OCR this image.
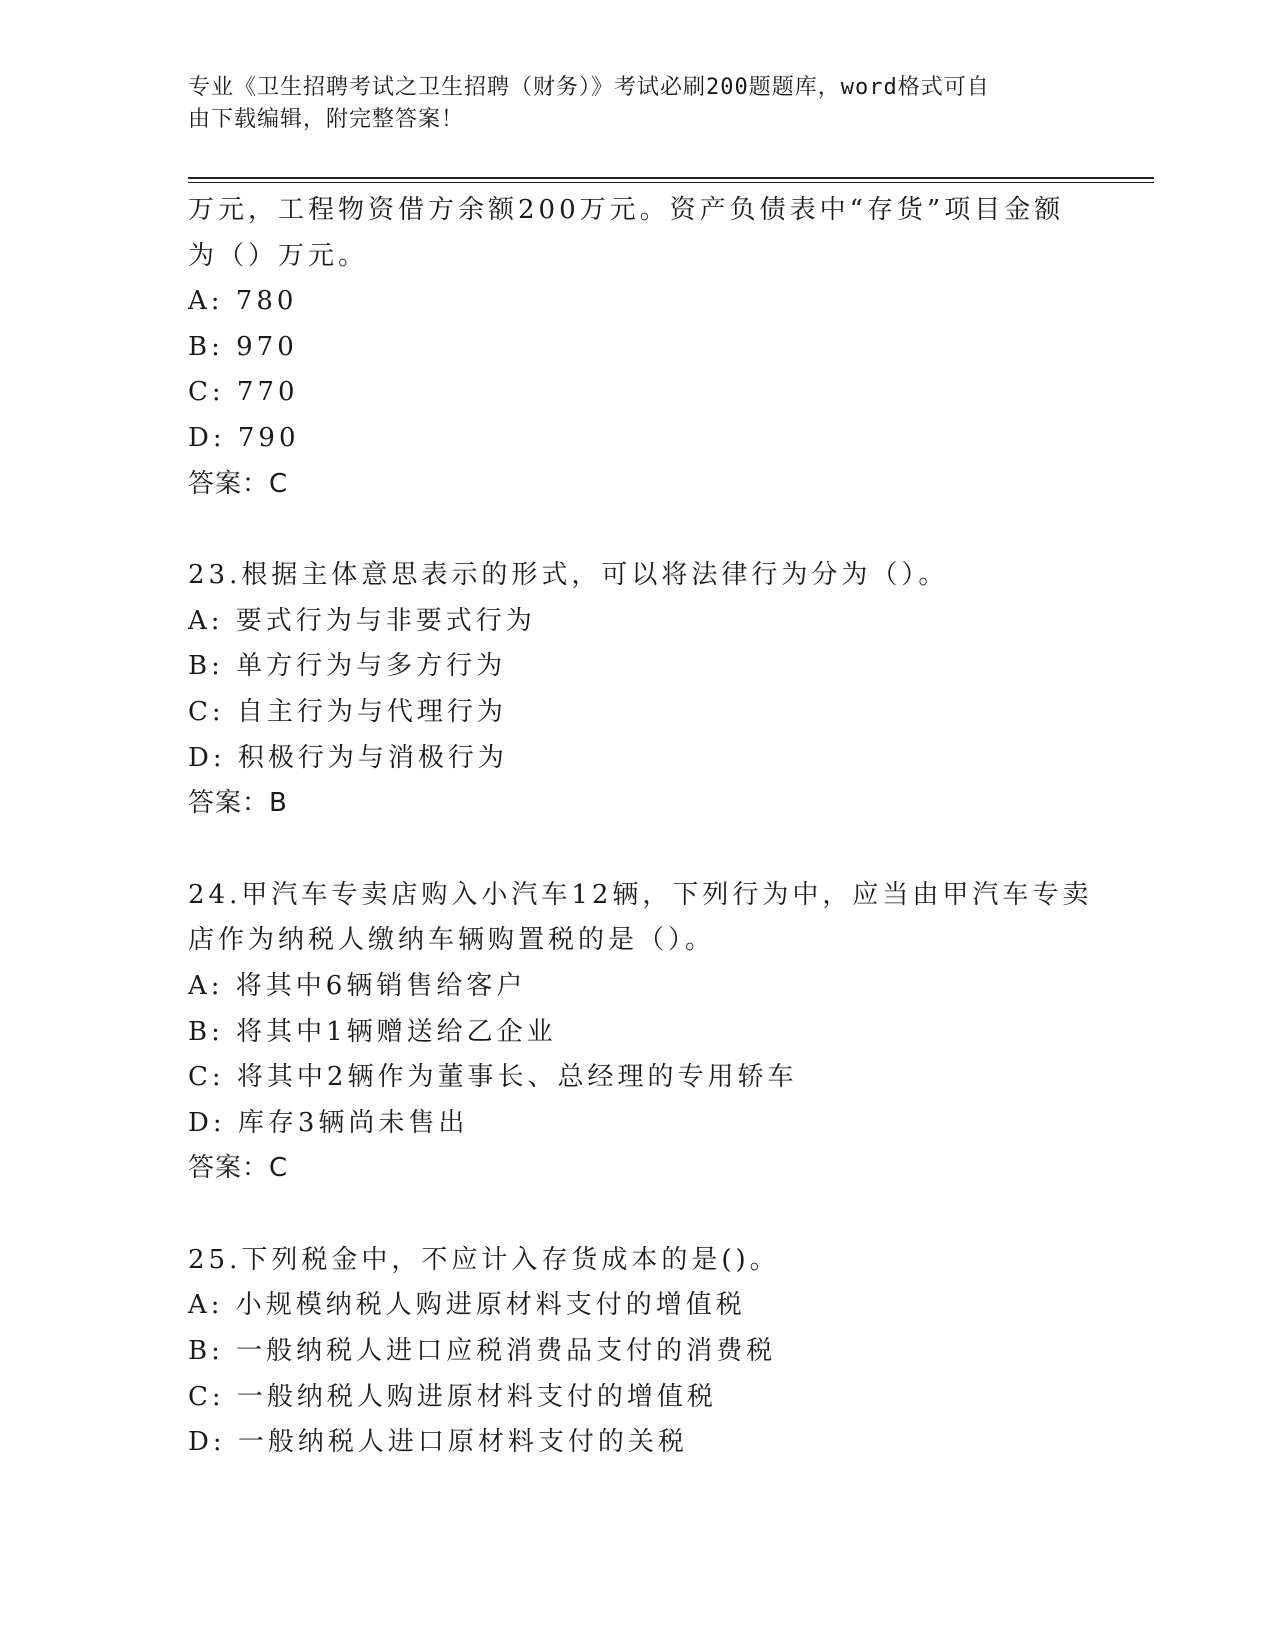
专业《卫生招聘考试之卫生招聘（财务）》考试必刷200题题库，word格式可自
由下载编辑，附完整答案！
万元，工程物资借方余额200万元。资产负债表中“存货”项目金额
为（）万元。
A: 780
B: 970
C: 770
D: 790
答案：C
23.根据主体意思表示的形式，可以将法律行为分为（）。
A: 要式行为与非要式行为
B: 单方行为与多方行为
C: 自主行为与代理行为
D: 积极行为与消极行为
答案：B
24.甲汽车专卖店购入小汽车12辆，下列行为中，应当由甲汽车专卖
店作为纳税人缴纳车辆购置税的是（）。
A: 将其中6辆销售给客户
B: 将其中1辆赠送给乙企业
C: 将其中2辆作为董事长、总经理的专用轿车
D: 库存3辆尚未售出
答案：C
25.下列税金中，不应计入存货成本的是()。
A: 小规模纳税人购进原材料支付的增值税
B: 一般纳税人进口应税消费品支付的消费税
C: 一般纳税人购进原材料支付的增值税
D: 一般纳税人进口原材料支付的关税
